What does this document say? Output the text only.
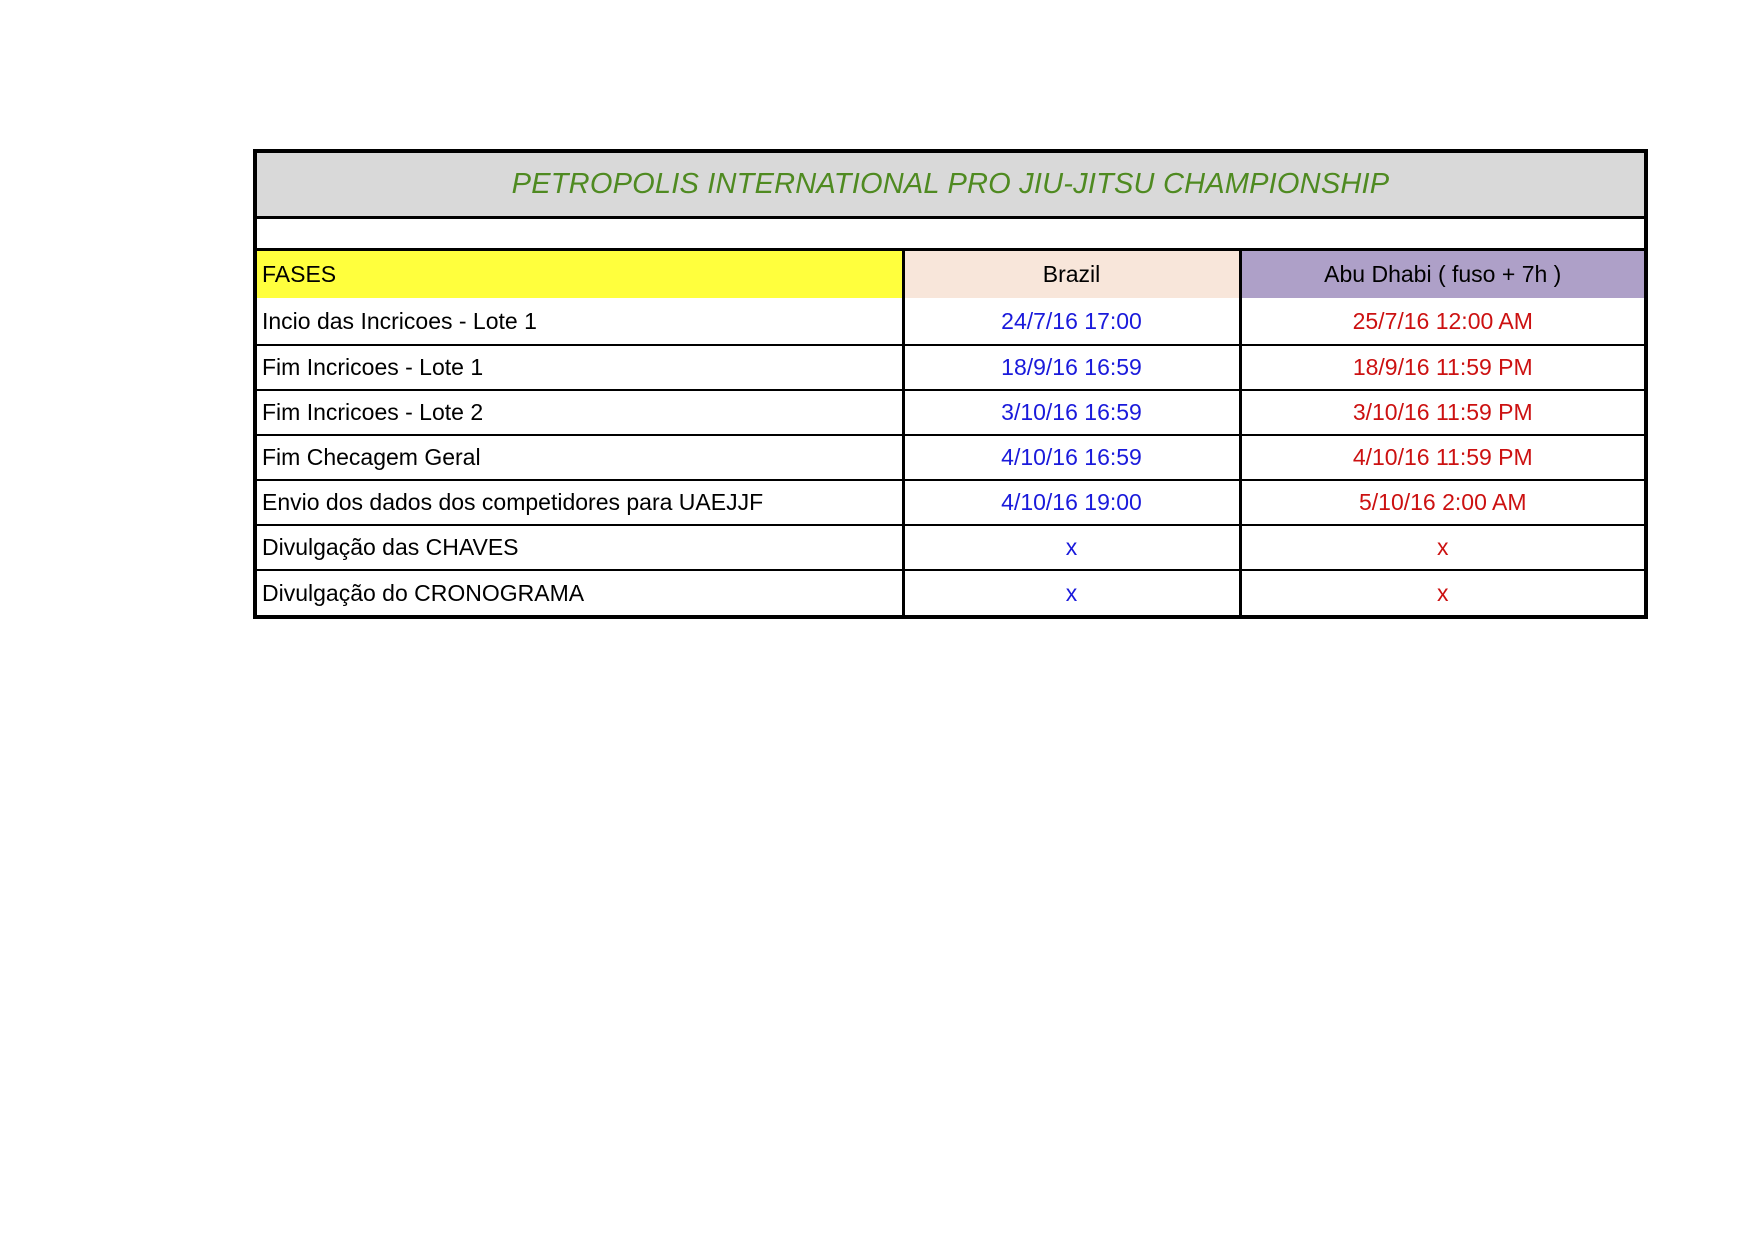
PETROPOLIS INTERNATIONAL PRO JIU-JITSU CHAMPIONSHIP
FASES	Brazil	Abu Dhabi ( fuso + 7h )
Incio das Incricoes - Lote 1	24/7/16 17:00	25/7/16 12:00 AM
Fim Incricoes - Lote 1	18/9/16 16:59	18/9/16 11:59 PM
Fim Incricoes - Lote 2	3/10/16 16:59	3/10/16 11:59 PM
Fim Checagem Geral	4/10/16 16:59	4/10/16 11:59 PM
Envio dos dados dos competidores para UAEJJF	4/10/16 19:00	5/10/16 2:00 AM
Divulgação das CHAVES	x	x
Divulgação do CRONOGRAMA	x	x
